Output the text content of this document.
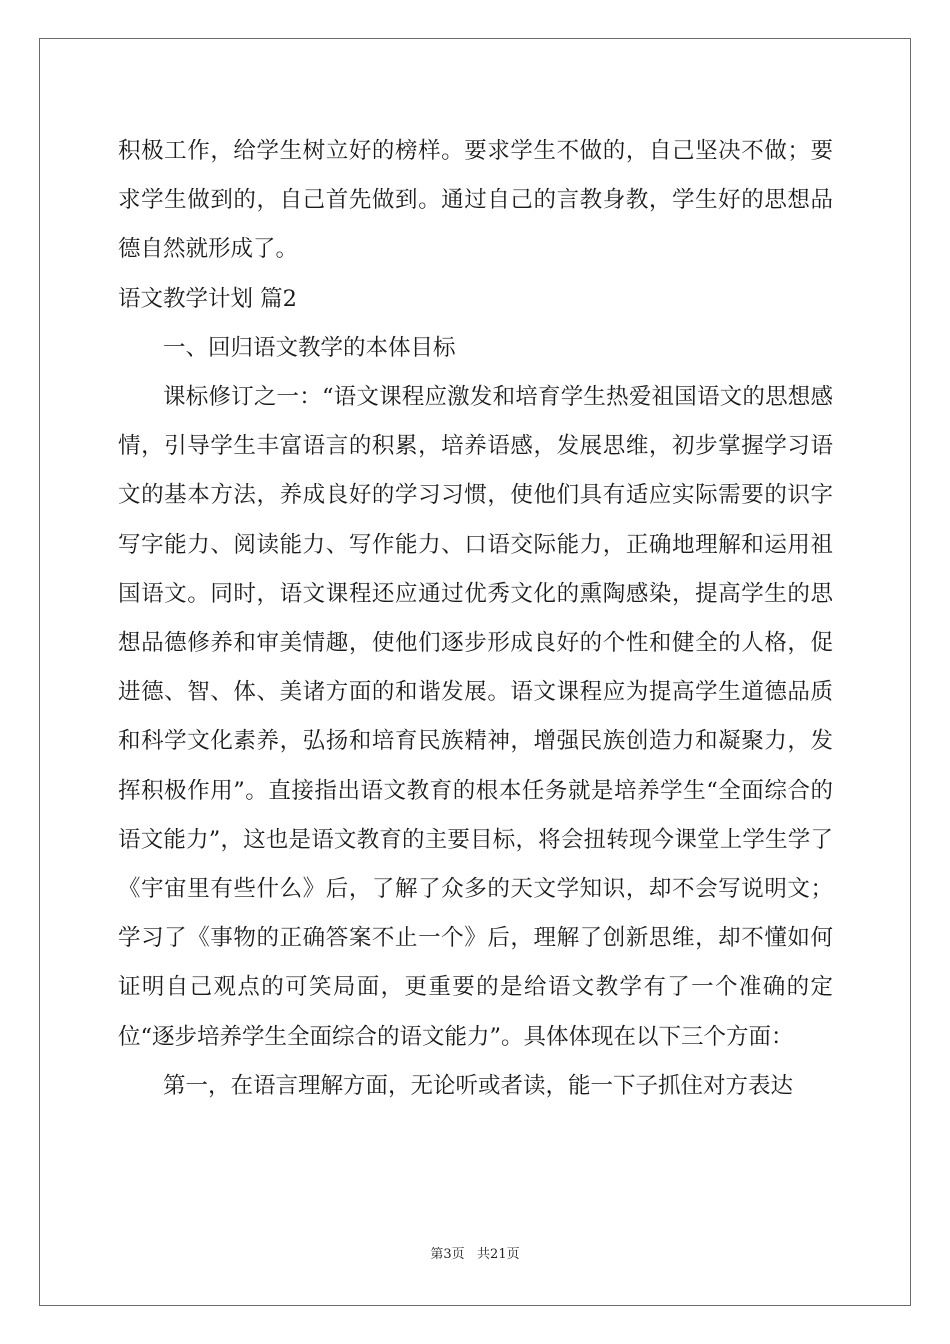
积极工作，给学生树立好的榜样。要求学生不做的，自己坚决不做；要求学生做到的，自己首先做到。通过自己的言教身教，学生好的思想品德自然就形成了。

语文教学计划 篇2

一、回归语文教学的本体目标

课标修订之一：“语文课程应激发和培育学生热爱祖国语文的思想感情，引导学生丰富语言的积累，培养语感，发展思维，初步掌握学习语文的基本方法，养成良好的学习习惯，使他们具有适应实际需要的识字写字能力、阅读能力、写作能力、口语交际能力，正确地理解和运用祖国语文。同时，语文课程还应通过优秀文化的熏陶感染，提高学生的思想品德修养和审美情趣，使他们逐步形成良好的个性和健全的人格，促进德、智、体、美诸方面的和谐发展。语文课程应为提高学生道德品质和科学文化素养，弘扬和培育民族精神，增强民族创造力和凝聚力，发挥积极作用”。直接指出语文教育的根本任务就是培养学生“全面综合的语文能力”，这也是语文教育的主要目标，将会扭转现今课堂上学生学了《宇宙里有些什么》后，了解了众多的天文学知识，却不会写说明文；学习了《事物的正确答案不止一个》后，理解了创新思维，却不懂如何证明自己观点的可笑局面，更重要的是给语文教学有了一个准确的定位“逐步培养学生全面综合的语文能力”。具体体现在以下三个方面：

第一，在语言理解方面，无论听或者读，能一下子抓住对方表达

第3页   共21页
